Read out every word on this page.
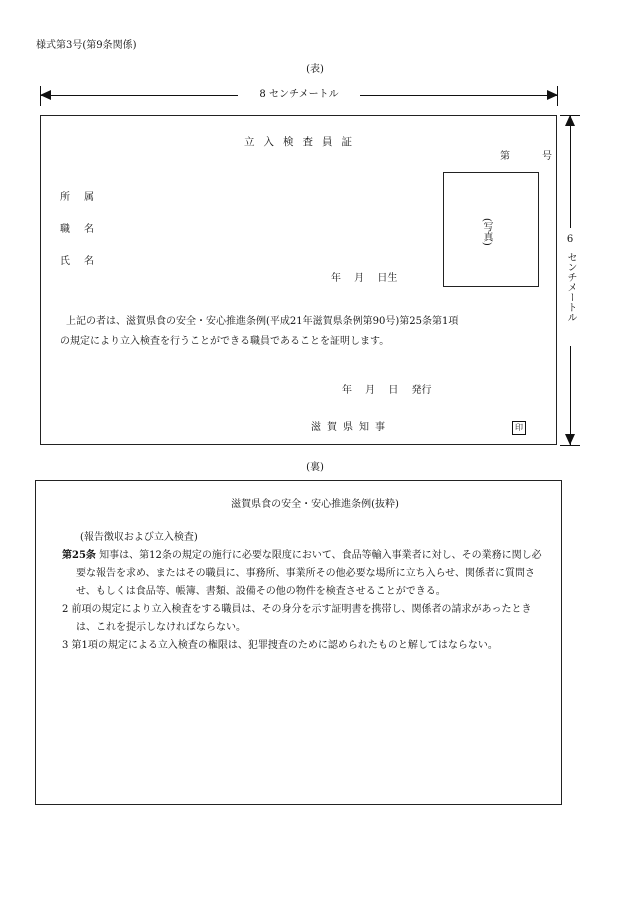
様式第3号(第9条関係)
(表)
8 センチメートル
6
センチメートル
立入検査員証
第	号
所属
職名
氏名
(写真)
年 月 日生

上記の者は、滋賀県食の安全・安心推進条例(平成21年滋賀県条例第90号)第25条第1項

の規定により立入検査を行うことができる職員であることを証明します。

年 月 日 発行
滋賀県知事	印
(裏)
滋賀県食の安全・安心推進条例(抜粋)

(報告徴収および立入検査)

第25条 知事は、第12条の規定の施行に必要な限度において、食品等輸入事業者に対し、その業務に関し必要な報告を求め、またはその職員に、事務所、事業所その他必要な場所に立ち入らせ、関係者に質問させ、もしくは食品等、帳簿、書類、設備その他の物件を検査させることができる。

2 前項の規定により立入検査をする職員は、その身分を示す証明書を携帯し、関係者の請求があったときは、これを提示しなければならない。

3 第1項の規定による立入検査の権限は、犯罪捜査のために認められたものと解してはならない。
